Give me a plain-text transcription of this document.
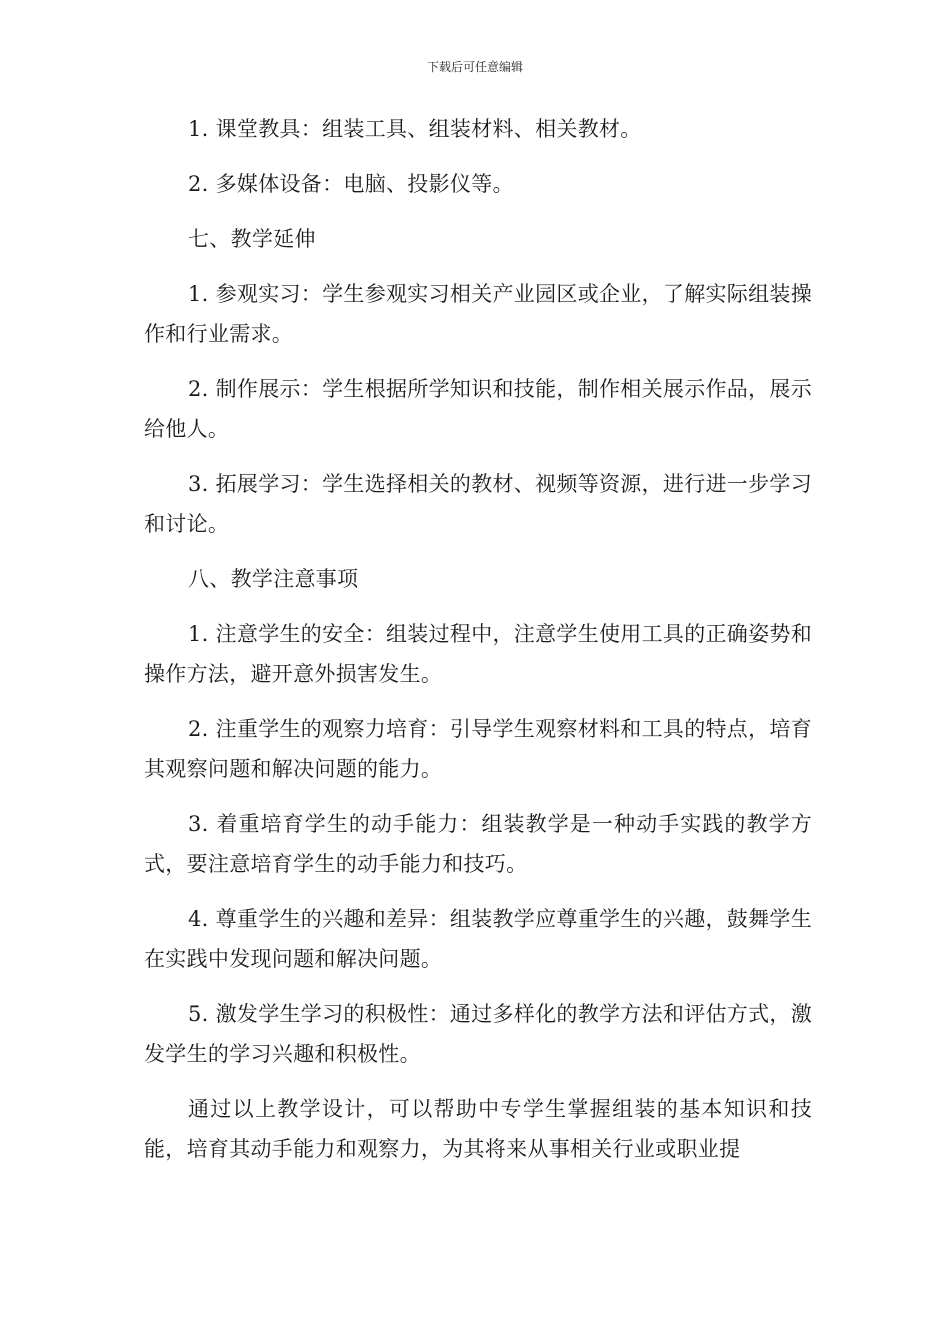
下载后可任意编辑

1. 课堂教具：组装工具、组装材料、相关教材。

2. 多媒体设备：电脑、投影仪等。

七、教学延伸

1. 参观实习：学生参观实习相关产业园区或企业，了解实际组装操作和行业需求。

2. 制作展示：学生根据所学知识和技能，制作相关展示作品，展示给他人。

3. 拓展学习：学生选择相关的教材、视频等资源，进行进一步学习和讨论。

八、教学注意事项

1. 注意学生的安全：组装过程中，注意学生使用工具的正确姿势和操作方法，避开意外损害发生。

2. 注重学生的观察力培育：引导学生观察材料和工具的特点，培育其观察问题和解决问题的能力。

3. 着重培育学生的动手能力：组装教学是一种动手实践的教学方式，要注意培育学生的动手能力和技巧。

4. 尊重学生的兴趣和差异：组装教学应尊重学生的兴趣，鼓舞学生在实践中发现问题和解决问题。

5. 激发学生学习的积极性：通过多样化的教学方法和评估方式，激发学生的学习兴趣和积极性。

通过以上教学设计，可以帮助中专学生掌握组装的基本知识和技能，培育其动手能力和观察力，为其将来从事相关行业或职业提
